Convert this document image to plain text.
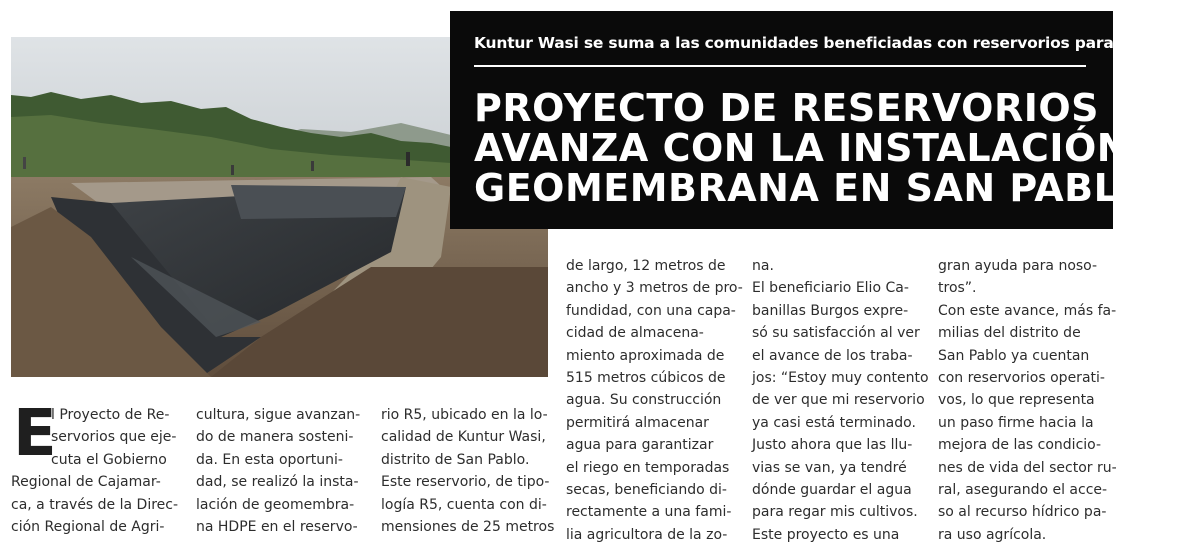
Kuntur Wasi se suma a las comunidades beneficiadas con reservorios para el agro.
PROYECTO DE RESERVORIOS
AVANZA CON LA INSTALACIÓN DE
GEOMEMBRANA EN SAN PABLO
E
l Proyecto de Re-
servorios que eje-
cuta el Gobierno
Regional de Cajamar-
ca, a través de la Direc-
ción Regional de Agri-
cultura, sigue avanzan-
do de manera sosteni-
da. En esta oportuni-
dad, se realizó la insta-
lación de geomembra-
na HDPE en el reservo-
rio R5, ubicado en la lo-
calidad de Kuntur Wasi,
distrito de San Pablo.
Este reservorio, de tipo-
logía R5, cuenta con di-
mensiones de 25 metros
de largo, 12 metros de
ancho y 3 metros de pro-
fundidad, con una capa-
cidad de almacena-
miento aproximada de
515 metros cúbicos de
agua. Su construcción
permitirá almacenar
agua para garantizar
el riego en temporadas
secas, beneficiando di-
rectamente a una fami-
lia agricultora de la zo-
na.
El beneficiario Elio Ca-
banillas Burgos expre-
só su satisfacción al ver
el avance de los traba-
jos: “Estoy muy contento
de ver que mi reservorio
ya casi está terminado.
Justo ahora que las llu-
vias se van, ya tendré
dónde guardar el agua
para regar mis cultivos.
Este proyecto es una
gran ayuda para noso-
tros”.
Con este avance, más fa-
milias del distrito de
San Pablo ya cuentan
con reservorios operati-
vos, lo que representa
un paso firme hacia la
mejora de las condicio-
nes de vida del sector ru-
ral, asegurando el acce-
so al recurso hídrico pa-
ra uso agrícola.
